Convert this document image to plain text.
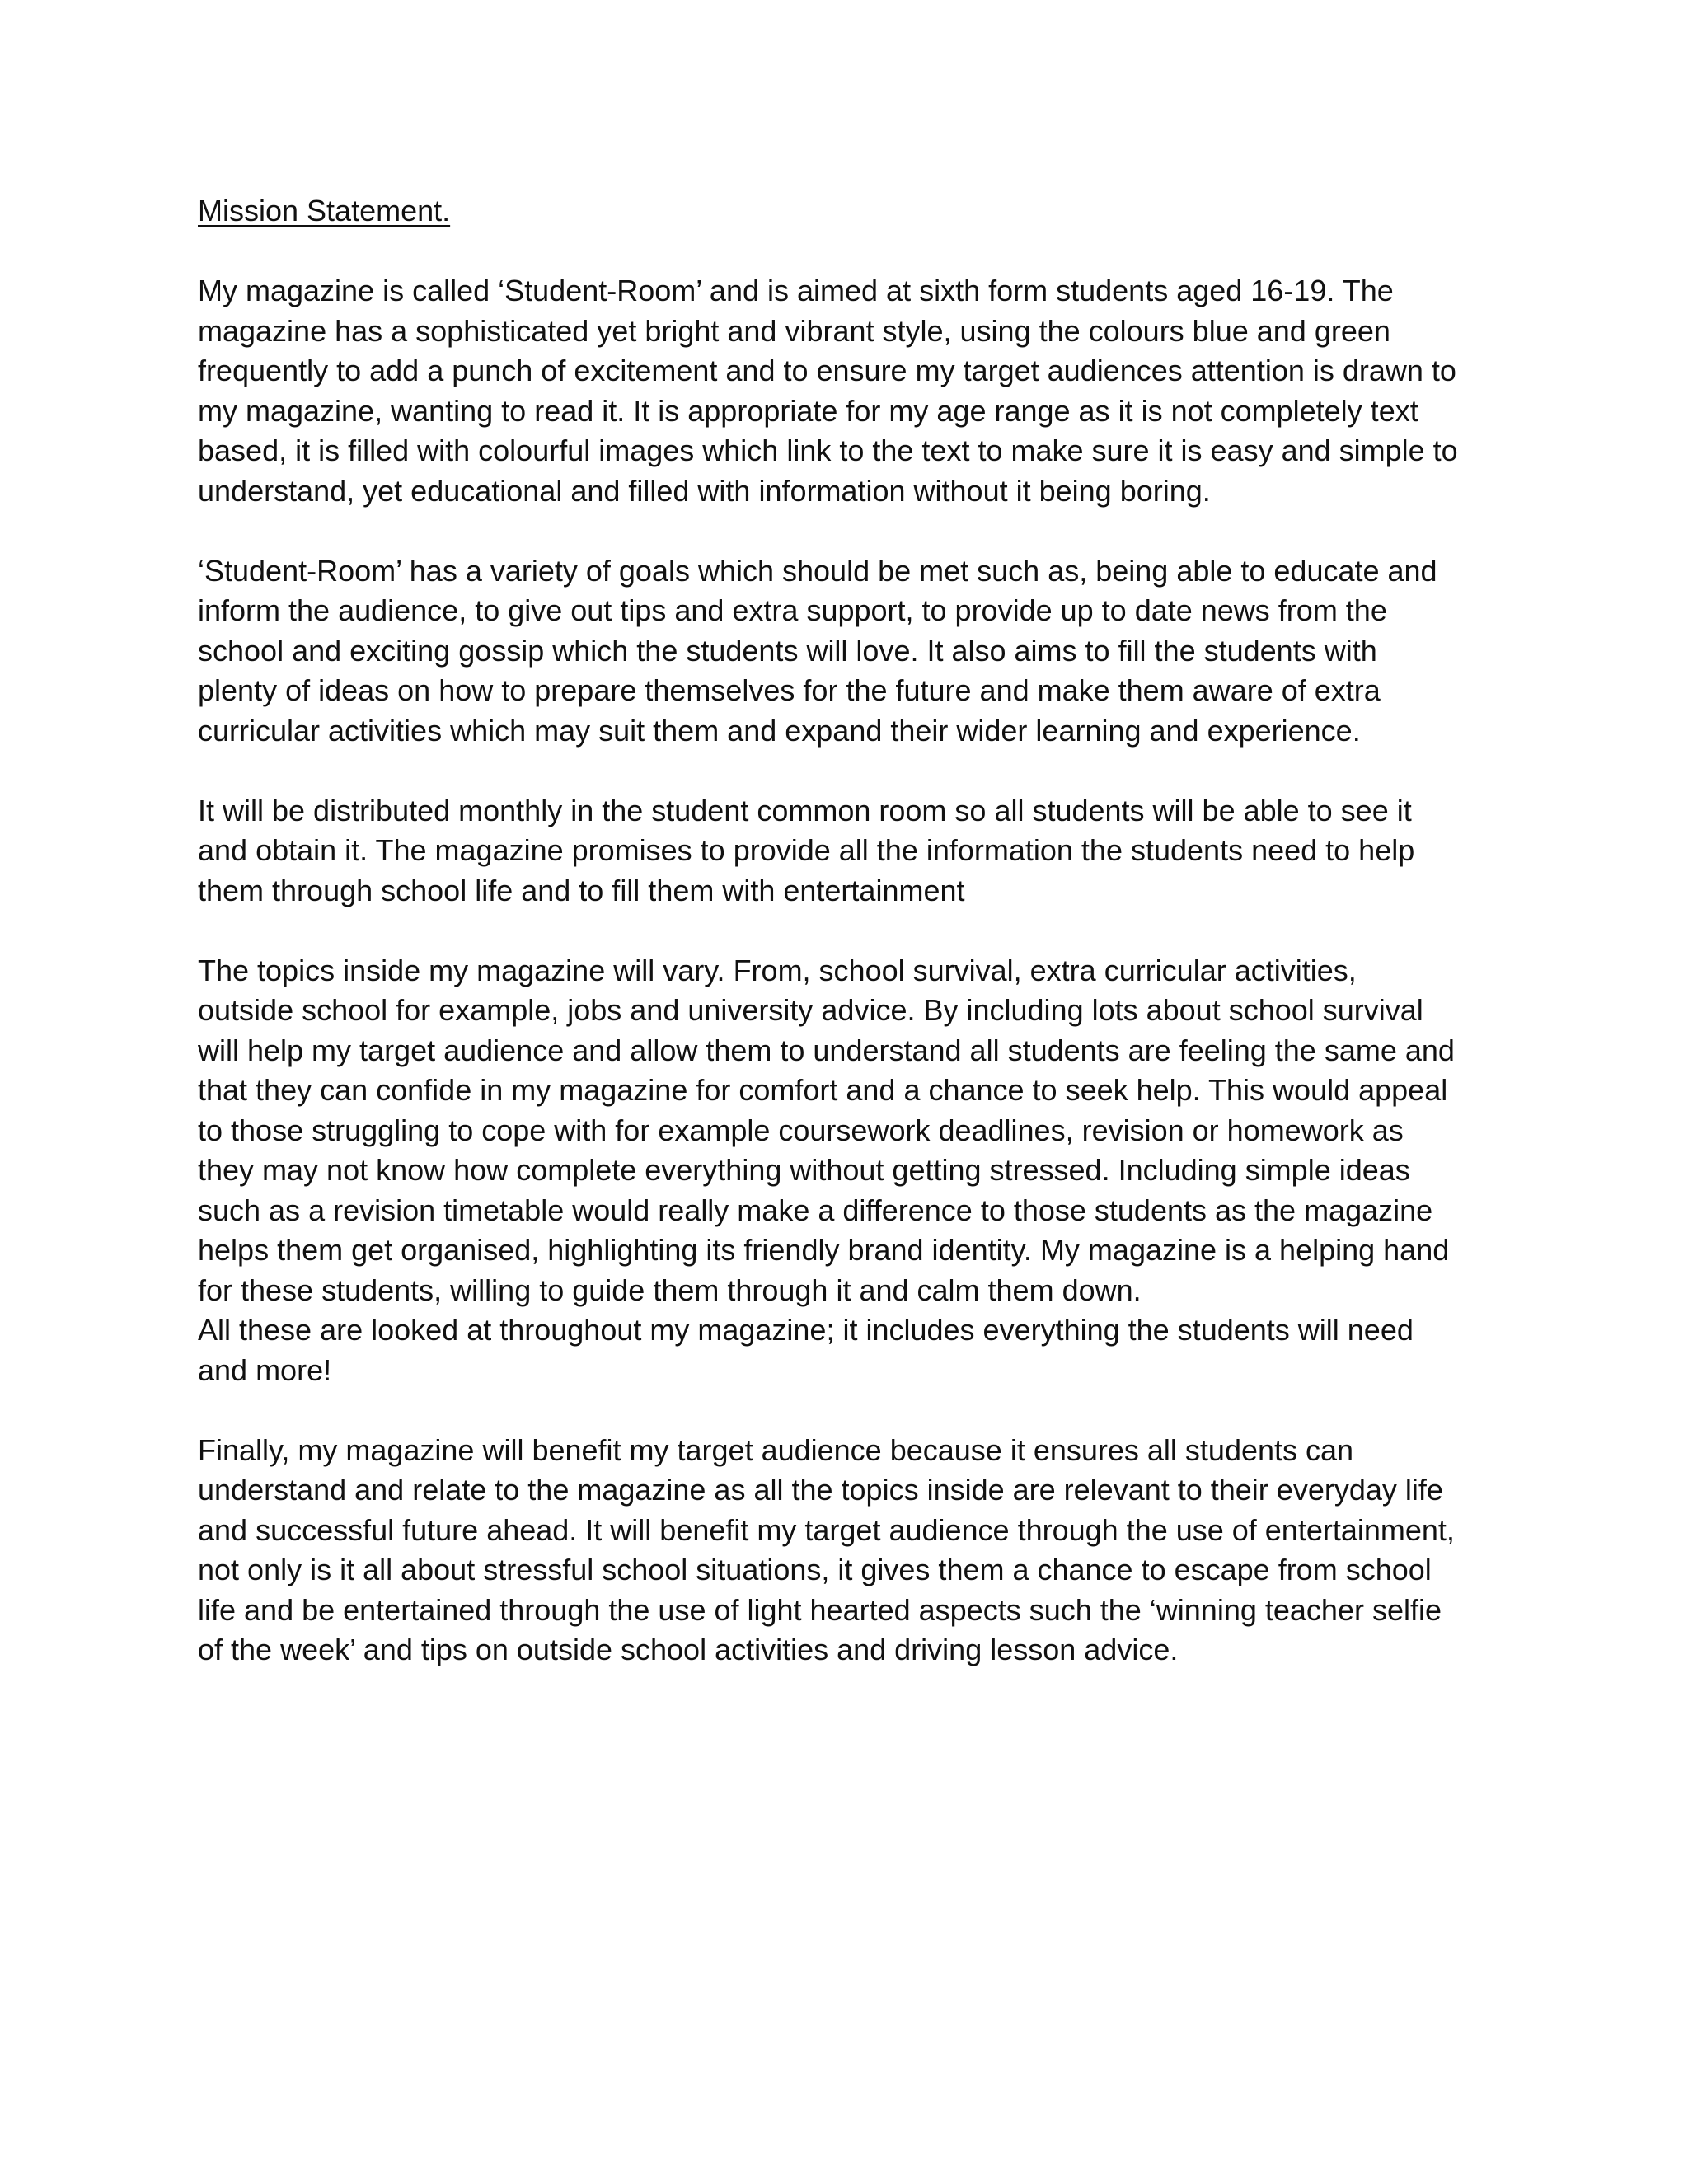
Mission Statement.
My magazine is called ‘Student-Room’ and is aimed at sixth form students aged 16-19. The
magazine has a sophisticated yet bright and vibrant style, using the colours blue and green
frequently to add a punch of excitement and to ensure my target audiences attention is drawn to
my magazine, wanting to read it. It is appropriate for my age range as it is not completely text
based, it is filled with colourful images which link to the text to make sure it is easy and simple to
understand, yet educational and filled with information without it being boring.
‘Student-Room’ has a variety of goals which should be met such as, being able to educate and
inform the audience, to give out tips and extra support, to provide up to date news from the
school and exciting gossip which the students will love. It also aims to fill the students with
plenty of ideas on how to prepare themselves for the future and make them aware of extra
curricular activities which may suit them and expand their wider learning and experience.
It will be distributed monthly in the student common room so all students will be able to see it
and obtain it. The magazine promises to provide all the information the students need to help
them through school life and to fill them with entertainment
The topics inside my magazine will vary. From, school survival, extra curricular activities,
outside school for example, jobs and university advice. By including lots about school survival
will help my target audience and allow them to understand all students are feeling the same and
that they can confide in my magazine for comfort and a chance to seek help. This would appeal
to those struggling to cope with for example coursework deadlines, revision or homework as
they may not know how complete everything without getting stressed. Including simple ideas
such as a revision timetable would really make a difference to those students as the magazine
helps them get organised, highlighting its friendly brand identity. My magazine is a helping hand
for these students, willing to guide them through it and calm them down.
All these are looked at throughout my magazine; it includes everything the students will need
and more!
Finally, my magazine will benefit my target audience because it ensures all students can
understand and relate to the magazine as all the topics inside are relevant to their everyday life
and successful future ahead. It will benefit my target audience through the use of entertainment,
not only is it all about stressful school situations, it gives them a chance to escape from school
life and be entertained through the use of light hearted aspects such the ‘winning teacher selfie
of the week’ and tips on outside school activities and driving lesson advice.
